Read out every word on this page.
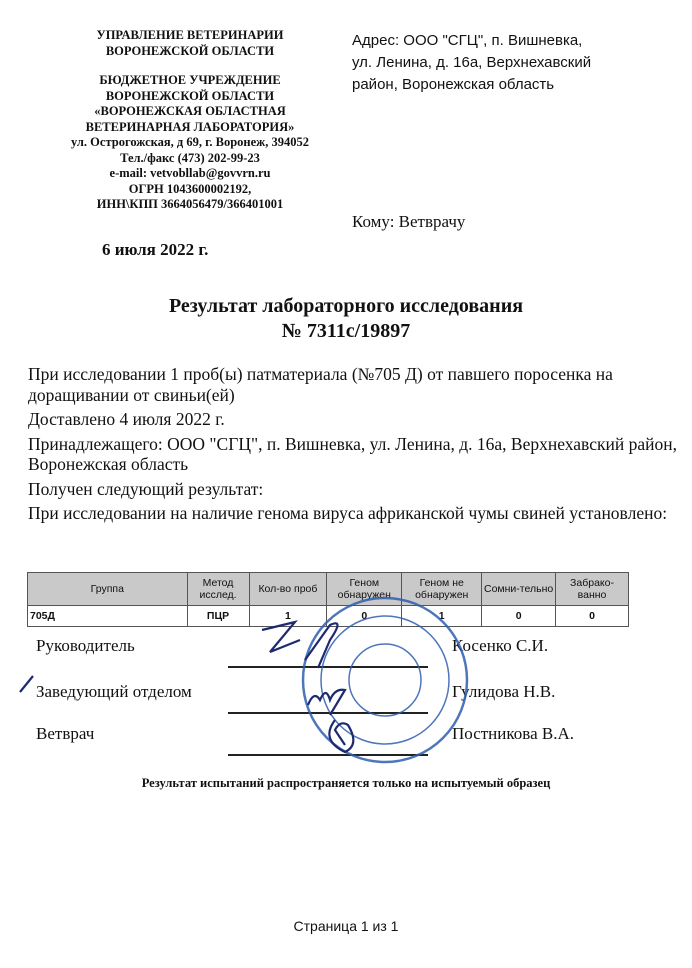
УПРАВЛЕНИЕ ВЕТЕРИНАРИИ
ВОРОНЕЖСКОЙ ОБЛАСТИ
БЮДЖЕТНОЕ УЧРЕЖДЕНИЕ
ВОРОНЕЖСКОЙ ОБЛАСТИ
«ВОРОНЕЖСКАЯ ОБЛАСТНАЯ
ВЕТЕРИНАРНАЯ ЛАБОРАТОРИЯ»
ул. Острогожская, д 69, г. Воронеж, 394052
Тел./факс (473) 202-99-23
e-mail: vetvobllab@govvrn.ru
ОГРН 1043600002192,
ИНН\КПП 3664056479/366401001
Адрес: ООО "СГЦ", п. Вишневка,
ул. Ленина, д. 16а, Верхнехавский
район, Воронежская область
Кому: Ветврачу
6 июля 2022 г.
Результат лабораторного исследования
№ 7311с/19897

При исследовании 1 проб(ы) патматериала (№705 Д) от павшего поросенка на доращивании от свиньи(ей)

Доставлено 4 июля 2022 г.

Принадлежащего: ООО "СГЦ", п. Вишневка, ул. Ленина, д. 16а, Верхнехавский район, Воронежская область

Получен следующий результат:

При исследовании на наличие генома вируса африканской чумы свиней установлено:

Группа	Метод исслед.	Кол-во проб	Геном обнаружен	Геном не обнаружен	Сомни-тельно	Забрако-ванно
705Д	ПЦР	1	0	1	0	0
Руководитель	Косенко С.И.
Заведующий отделом	Гулидова Н.В.
Ветврач	Постникова В.А.
Результат испытаний распространяется только на испытуемый образец
Страница 1 из 1
